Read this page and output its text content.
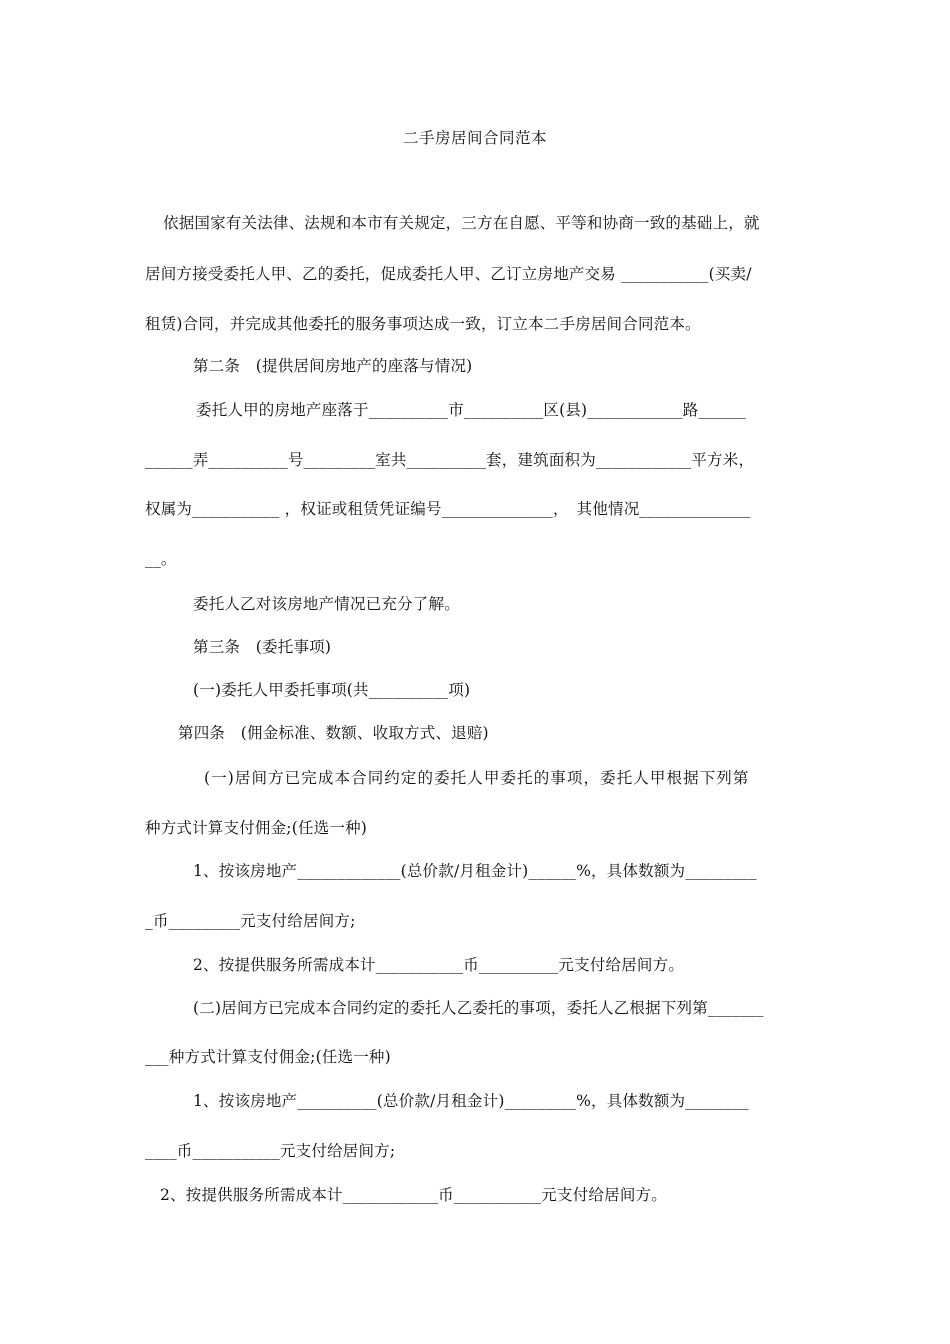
二手房居间合同范本
依据国家有关法律、法规和本市有关规定，三方在自愿、平等和协商一致的基础上，就
居间方接受委托人甲、乙的委托，促成委托人甲、乙订立房地产交易 ___________(买卖/
租赁)合同，并完成其他委托的服务事项达成一致，订立本二手房居间合同范本。
第二条　(提供居间房地产的座落与情况)
委托人甲的房地产座落于__________市__________区(县)____________路______
______弄__________号_________室共__________套，建筑面积为____________平方米，
权属为___________ ，权证或租赁凭证编号______________，　其他情况______________
__。
委托人乙对该房地产情况已充分了解。
第三条　(委托事项)
(一)委托人甲委托事项(共__________项)
第四条　(佣金标准、数额、收取方式、退赔)
(一)居间方已完成本合同约定的委托人甲委托的事项，委托人甲根据下列第
种方式计算支付佣金;(任选一种)
1、按该房地产_____________(总价款/月租金计)______%，具体数额为_________
_币_________元支付给居间方;
2、按提供服务所需成本计___________币__________元支付给居间方。
(二)居间方已完成本合同约定的委托人乙委托的事项，委托人乙根据下列第_______
___种方式计算支付佣金;(任选一种)
1、按该房地产__________(总价款/月租金计)_________%，具体数额为________
____币___________元支付给居间方;
2、按提供服务所需成本计____________币___________元支付给居间方。
